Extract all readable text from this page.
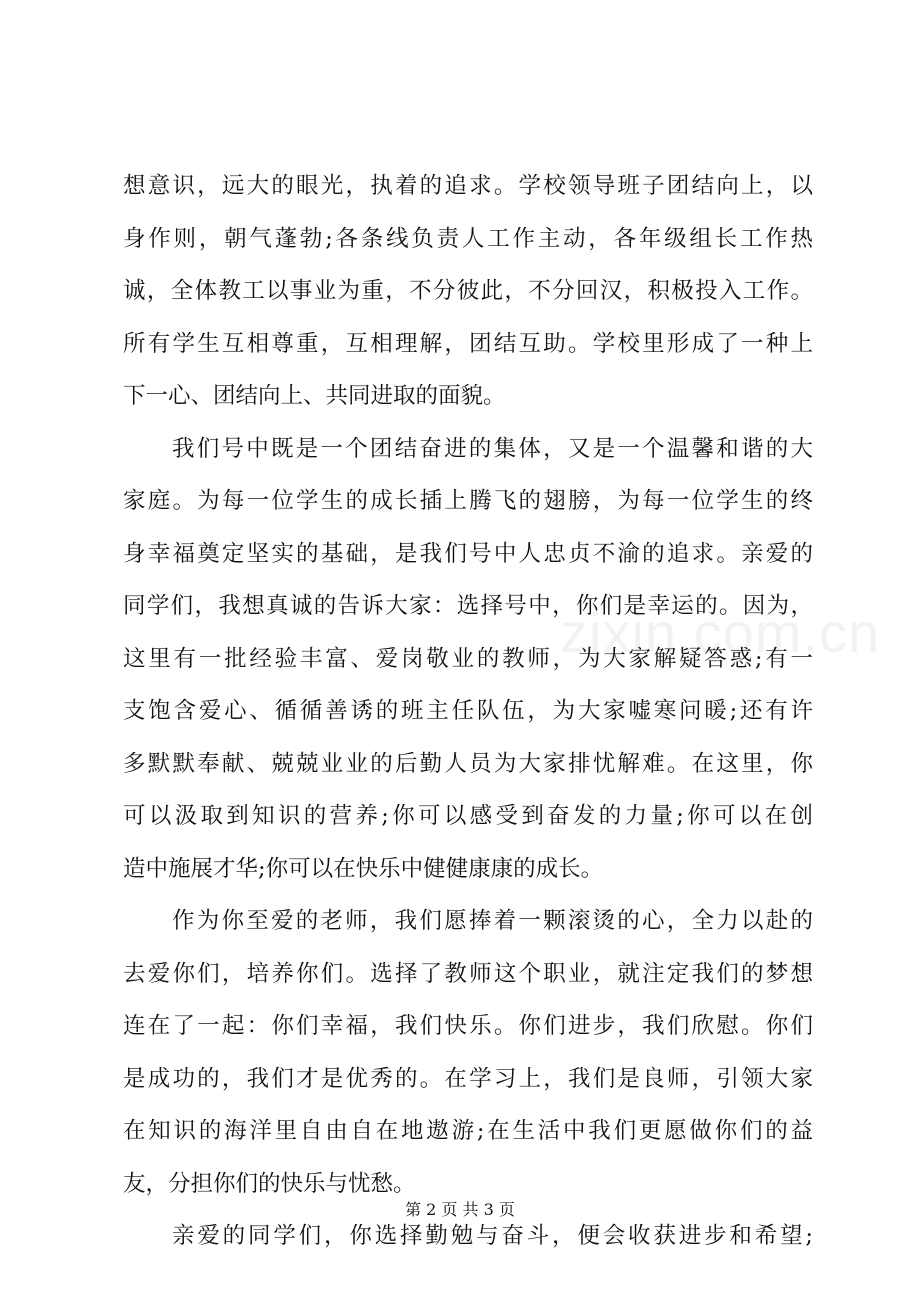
zixin.com.cn

想意识，远大的眼光，执着的追求。学校领导班子团结向上，以

身作则，朝气蓬勃;各条线负责人工作主动，各年级组长工作热

诚，全体教工以事业为重，不分彼此，不分回汉，积极投入工作。

所有学生互相尊重，互相理解，团结互助。学校里形成了一种上

下一心、团结向上、共同进取的面貌。

我们号中既是一个团结奋进的集体，又是一个温馨和谐的大

家庭。为每一位学生的成长插上腾飞的翅膀，为每一位学生的终

身幸福奠定坚实的基础，是我们号中人忠贞不渝的追求。亲爱的

同学们，我想真诚的告诉大家：选择号中，你们是幸运的。因为，

这里有一批经验丰富、爱岗敬业的教师，为大家解疑答惑;有一

支饱含爱心、循循善诱的班主任队伍，为大家嘘寒问暖;还有许

多默默奉献、兢兢业业的后勤人员为大家排忧解难。在这里，你

可以汲取到知识的营养;你可以感受到奋发的力量;你可以在创

造中施展才华;你可以在快乐中健健康康的成长。

作为你至爱的老师，我们愿捧着一颗滚烫的心，全力以赴的

去爱你们，培养你们。选择了教师这个职业，就注定我们的梦想

连在了一起：你们幸福，我们快乐。你们进步，我们欣慰。你们

是成功的，我们才是优秀的。在学习上，我们是良师，引领大家

在知识的海洋里自由自在地遨游;在生活中我们更愿做你们的益

友，分担你们的快乐与忧愁。

亲爱的同学们，你选择勤勉与奋斗，便会收获进步和希望;

第 2 页 共 3 页
